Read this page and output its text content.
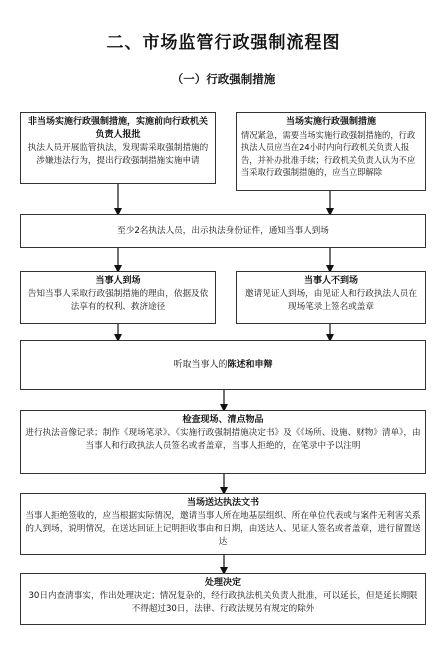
二、市场监管行政强制流程图
（一）行政强制措施
非当场实施行政强制措施，实施前向行政机关负责人报批
执法人员开展监管执法，发现需采取强制措施的涉嫌违法行为，提出行政强制措施实施申请
当场实施行政强制措施
情况紧急，需要当场实施行政强制措施的，行政执法人员应当在24小时内向行政机关负责人报告，并补办批准手续；行政机关负责人认为不应当采取行政强制措施的，应当立即解除
至少2名执法人员，出示执法身份证件，通知当事人到场
当事人到场
告知当事人采取行政强制措施的理由，依据及依法享有的权利、救济途径
当事人不到场
邀请见证人到场，由见证人和行政执法人员在现场笔录上签名或盖章
听取当事人的 陈述和申辩
检查现场、清点物品
进行执法音像记录；制作《现场笔录》、《实施行政强制措施决定书》及《《场所、设施、财物》清单》，由当事人和行政执法人员签名或者盖章，当事人拒绝的，在笔录中予以注明
当场送达执法文书
当事人拒绝签收的，应当根据实际情况，邀请当事人所在地基层组织、所在单位代表或与案件无利害关系的人到场，说明情况，在送达回证上记明拒收事由和日期，由送达人、见证人签名或者盖章，进行留置送达
处理决定
30日内查清事实，作出处理决定；情况复杂的，经行政执法机关负责人批准，可以延长，但是延长期限不得超过30日，法律、行政法规另有规定的除外
